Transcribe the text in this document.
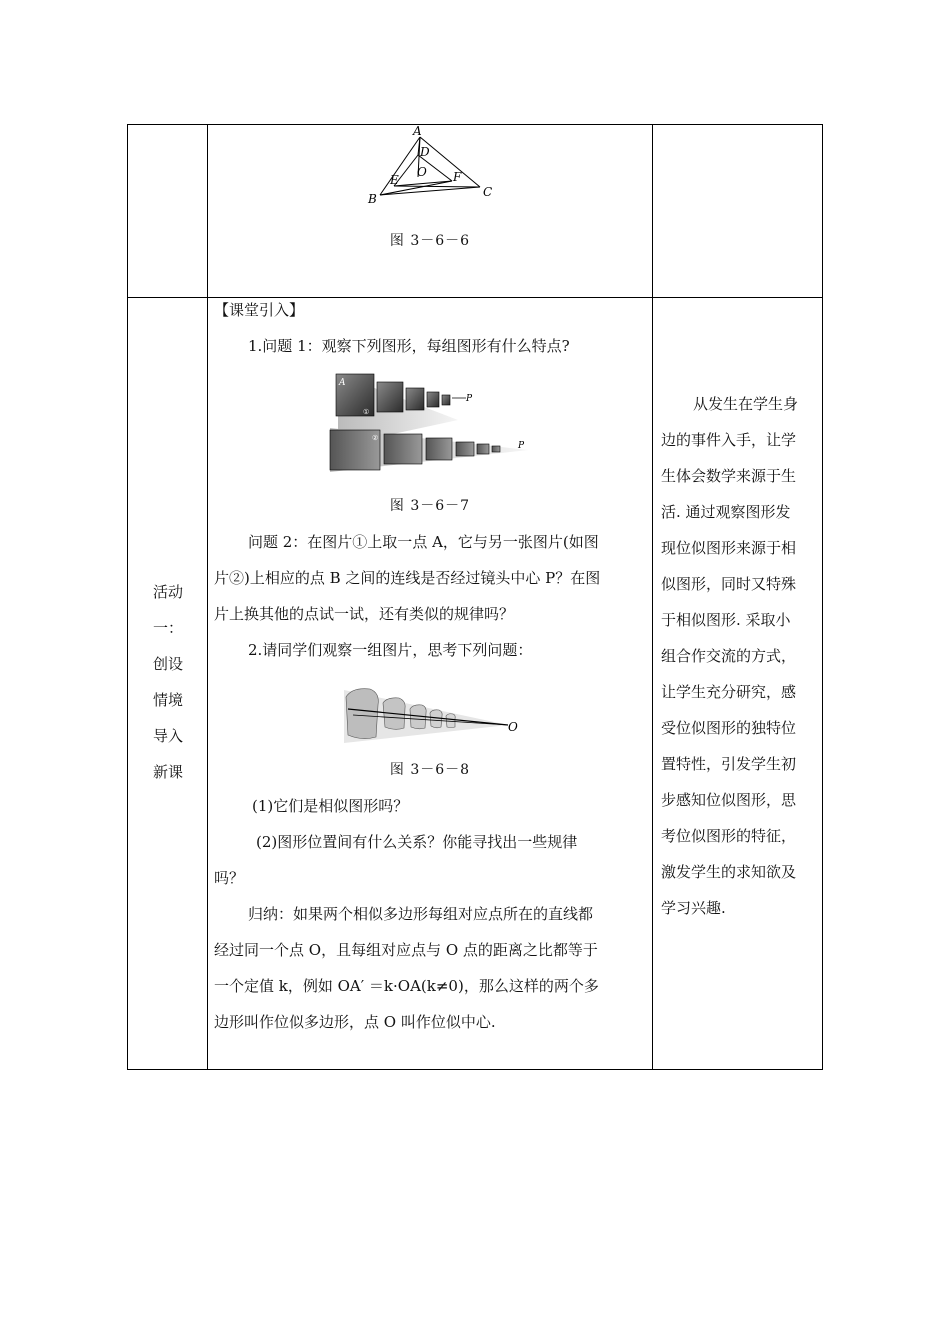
A
D
O
E	F
B	C
图 3－6－6
活动
一：
创设
情境
导入
新课
【课堂引入】
1.问题 1：观察下列图形，每组图形有什么特点?
P
A
①
②
P
图 3－6－7
问题 2：在图片①上取一点 A，它与另一张图片(如图
片②)上相应的点 B 之间的连线是否经过镜头中心 P？在图
片上换其他的点试一试，还有类似的规律吗？
2.请同学们观察一组图片，思考下列问题：
O
图 3－6－8
(1)它们是相似图形吗？
(2)图形位置间有什么关系？你能寻找出一些规律
吗？
归纳：如果两个相似多边形每组对应点所在的直线都
经过同一个点 O，且每组对应点与 O 点的距离之比都等于
一个定值 k，例如 OA′ ＝k·OA(k≠0)，那么这样的两个多
边形叫作位似多边形，点 O 叫作位似中心.
从发生在学生身
边的事件入手，让学
生体会数学来源于生
活. 通过观察图形发
现位似图形来源于相
似图形，同时又特殊
于相似图形. 采取小
组合作交流的方式，
让学生充分研究，感
受位似图形的独特位
置特性，引发学生初
步感知位似图形，思
考位似图形的特征，
激发学生的求知欲及
学习兴趣.
